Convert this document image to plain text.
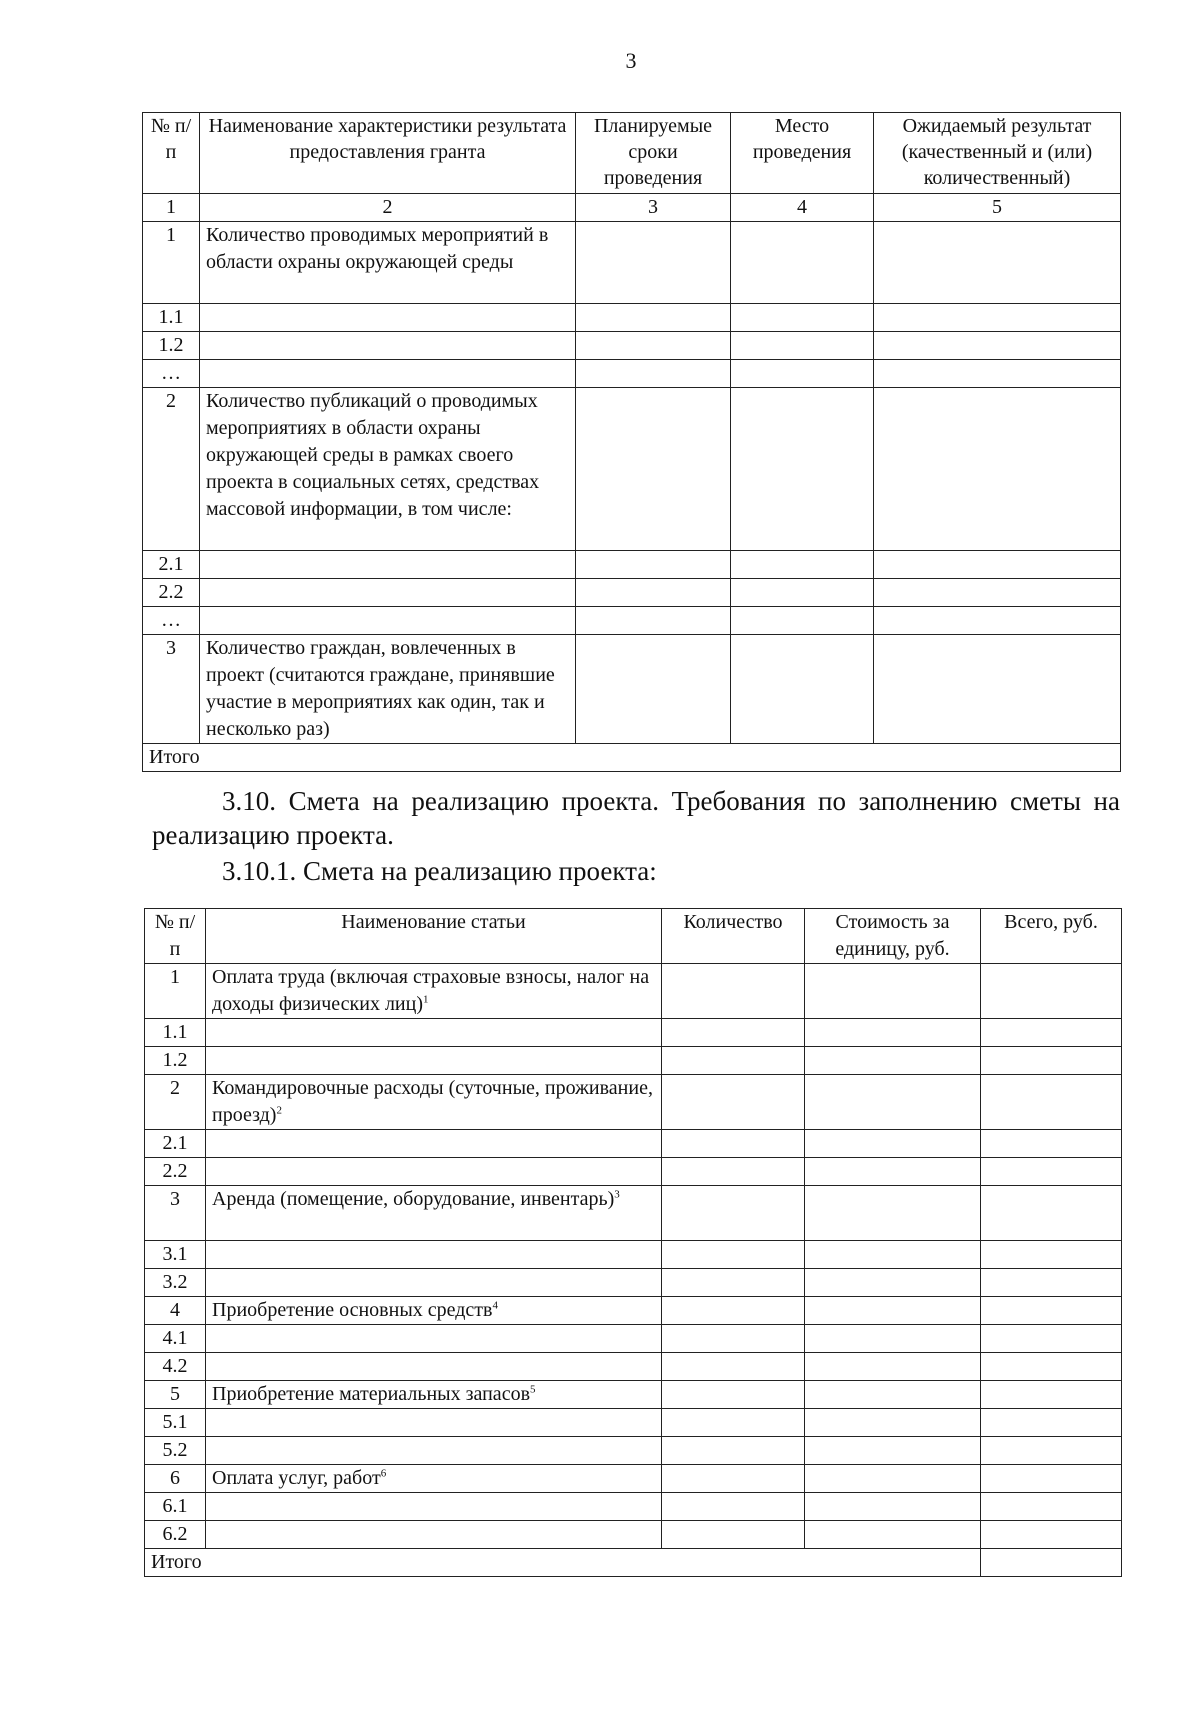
3
№ п/п	Наименование характеристики результата предоставления гранта	Планируемые сроки проведения	Место проведения	Ожидаемый результат (качественный и (или) количественный)
1	2	3	4	5
1	Количество проводимых мероприятий в области охраны окружающей среды			
1.1				
1.2				
…				
2	Количество публикаций о проводимых мероприятиях в области охраны окружающей среды в рамках своего проекта в социальных сетях, средствах массовой информации, в том числе:			
2.1				
2.2				
…				
3	Количество граждан, вовлеченных в проект (считаются граждане, принявшие участие в мероприятиях как один, так и несколько раз)			
Итого				
3.10. Смета на реализацию проекта. Требования по заполнению сметы на реализацию проекта.
3.10.1. Смета на реализацию проекта:
№ п/п	Наименование статьи	Количество	Стоимость за единицу, руб.	Всего, руб.
1	Оплата труда (включая страховые взносы, налог на доходы физических лиц)$^1$			
1.1				
1.2				
2	Командировочные расходы (суточные, проживание, проезд)$^2$			
2.1				
2.2				
3	Аренда (помещение, оборудование, инвентарь)$^3$			
3.1				
3.2				
4	Приобретение основных средств$^4$			
4.1				
4.2				
5	Приобретение материальных запасов$^5$			
5.1				
5.2				
6	Оплата услуг, работ$^6$			
6.1				
6.2				
Итого				
